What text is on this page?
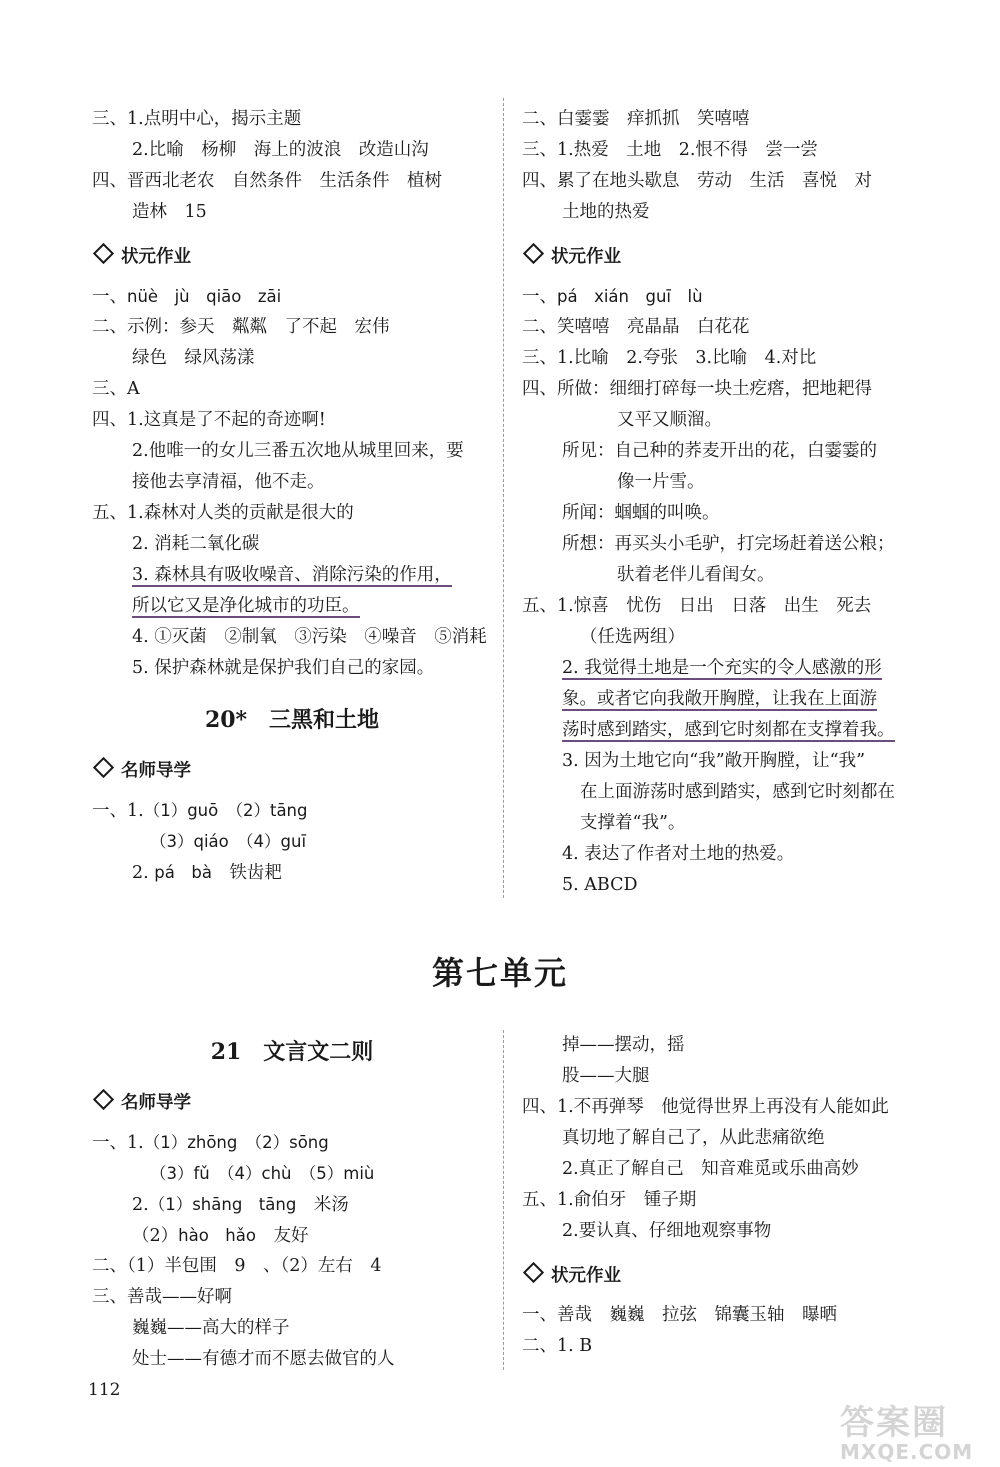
三、1.点明中心，揭示主题
2.比喻　杨柳　海上的波浪　改造山沟
四、晋西北老农　自然条件　生活条件　植树
造林　15
状元作业
一、nüè　jù　qiāo　zāi
二、示例：参天　粼粼　了不起　宏伟
绿色　绿风荡漾
三、A
四、1.这真是了不起的奇迹啊!
2.他唯一的女儿三番五次地从城里回来，要
接他去享清福，他不走。
五、1.森林对人类的贡献是很大的
2. 消耗二氧化碳
3. 森林具有吸收噪音、消除污染的作用，
所以它又是净化城市的功臣。
4. ①灭菌　②制氧　③污染　④噪音　⑤消耗
5. 保护森林就是保护我们自己的家园。
20*　三黑和土地
名师导学
一、1.（1）guō　（2）tāng
（3）qiáo　（4）guī
2. pá　bà　铁齿耙
二、白霎霎　痒抓抓　笑嘻嘻
三、1.热爱　土地　2.恨不得　尝一尝
四、累了在地头歇息　劳动　生活　喜悦　对
土地的热爱
状元作业
一、pá　xián　guī　lù
二、笑嘻嘻　亮晶晶　白花花
三、1.比喻　2.夸张　3.比喻　4.对比
四、所做：细细打碎每一块土疙瘩，把地耙得
又平又顺溜。
所见：自己种的荞麦开出的花，白霎霎的
像一片雪。
所闻：蝈蝈的叫唤。
所想：再买头小毛驴，打完场赶着送公粮；
驮着老伴儿看闺女。
五、1.惊喜　忧伤　日出　日落　出生　死去
（任选两组）
2. 我觉得土地是一个充实的令人感激的形
象。或者它向我敞开胸膛，让我在上面游
荡时感到踏实，感到它时刻都在支撑着我。
3. 因为土地它向“我”敞开胸膛，让“我”
在上面游荡时感到踏实，感到它时刻都在
支撑着“我”。
4. 表达了作者对土地的热爱。
5. ABCD
第七单元
21　文言文二则
名师导学
一、1.（1）zhōng　（2）sōng
（3）fǔ　（4）chù　（5）miù
2.（1）shāng　tāng　米汤
（2）hào　hǎo　友好
二、（1）半包围　9　、（2）左右　4
三、善哉——好啊
巍巍——高大的样子
处士——有德才而不愿去做官的人
掉——摆动，摇
股——大腿
四、1.不再弹琴　他觉得世界上再没有人能如此
真切地了解自己了，从此悲痛欲绝
2.真正了解自己　知音难觅或乐曲高妙
五、1.俞伯牙　锺子期
2.要认真、仔细地观察事物
状元作业
一、善哉　巍巍　拉弦　锦囊玉轴　曝晒
二、1. B
112
答案圈
MXQE.COM
